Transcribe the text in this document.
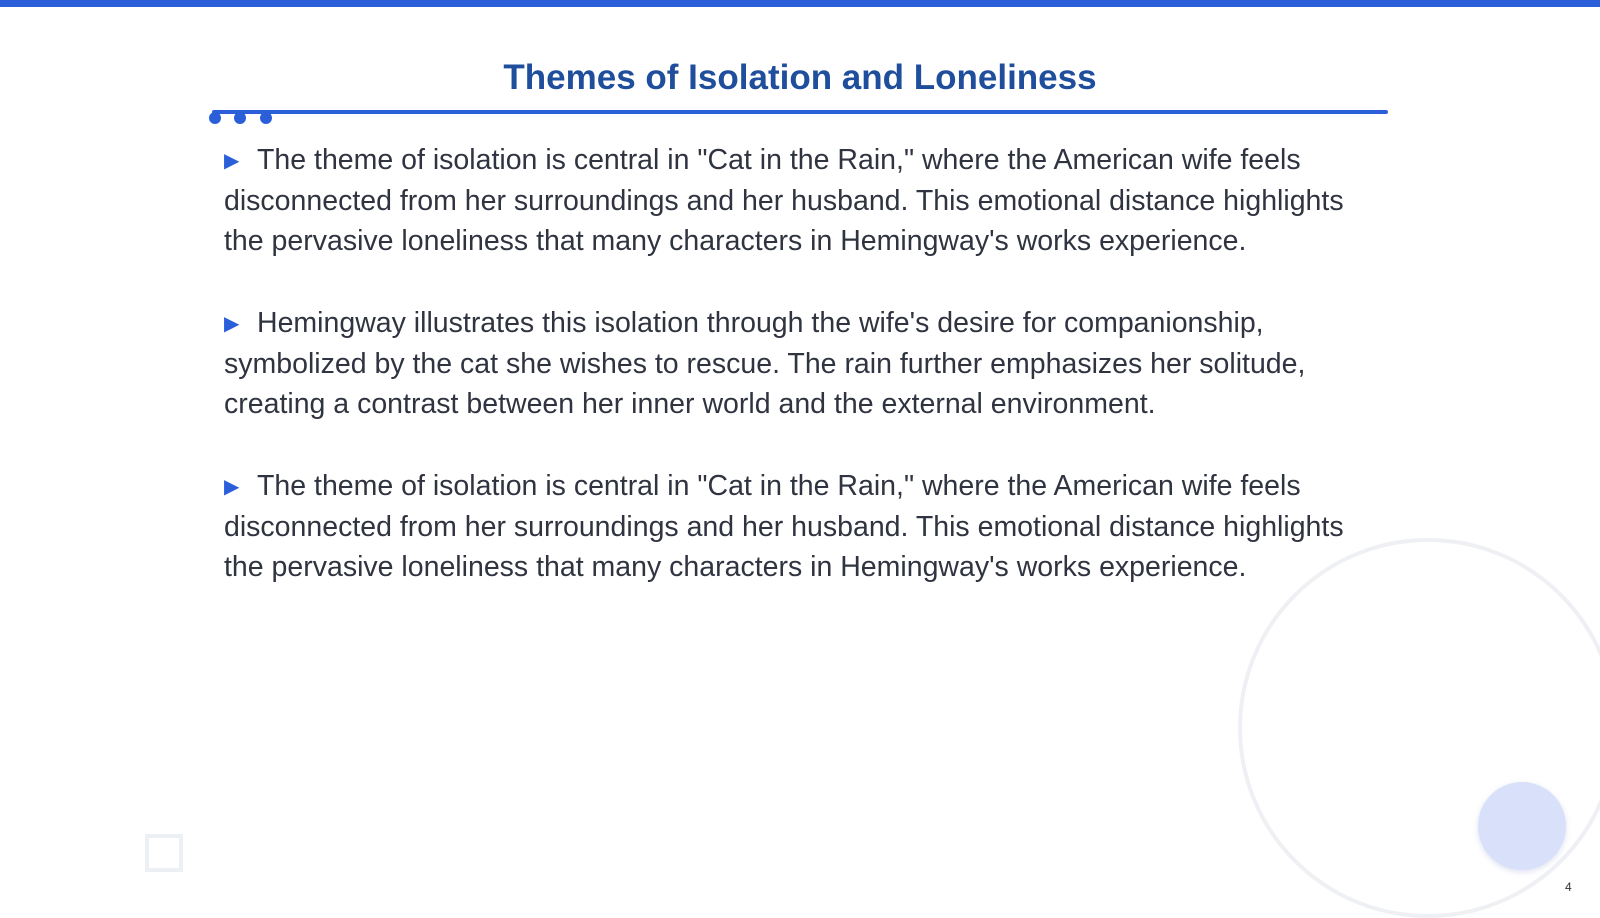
Themes of Isolation and Loneliness

▶ The theme of isolation is central in "Cat in the Rain," where the American wife feels disconnected from her surroundings and her husband. This emotional distance highlights the pervasive loneliness that many characters in Hemingway's works experience.

▶ Hemingway illustrates this isolation through the wife's desire for companionship, symbolized by the cat she wishes to rescue. The rain further emphasizes her solitude, creating a contrast between her inner world and the external environment.

▶ The theme of isolation is central in "Cat in the Rain," where the American wife feels disconnected from her surroundings and her husband. This emotional distance highlights the pervasive loneliness that many characters in Hemingway's works experience.

4
